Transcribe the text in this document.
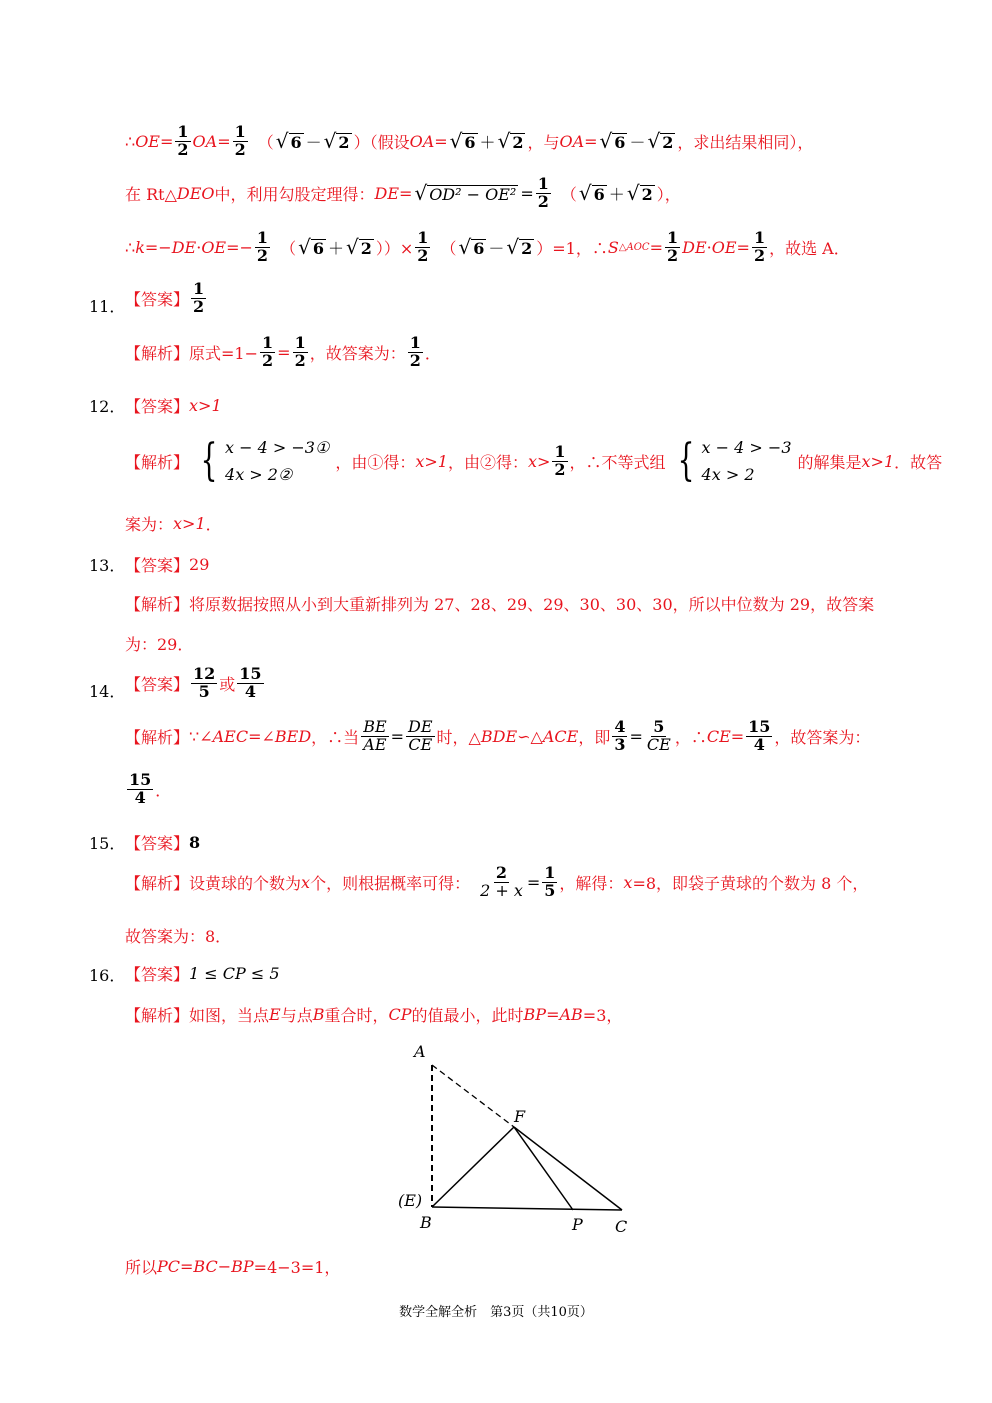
∴ OE = $\frac{1}{2}$ OA = $\frac{1}{2}$ （ √ 6 － √ 2 ）（假设 OA = √ 6 ＋ √ 2 ，与 OA = √ 6 － √ 2 ，求出结果相同），
在 Rt△ DEO 中，利用勾股定理得： DE = √ $OD^2 - OE^2 = \frac{1}{2}$ （ √ 6 ＋ √ 2 ），
∴ k =− DE · OE =− $\frac{1}{2}$ （ √ 6 ＋ √ 2 ））× $\frac{1}{2}$ （ √ 6 － √ 2 ）=1，∴ S △AOC = $\frac{1}{2}$ DE · OE = $\frac{1}{2}$ ，故选 A．
11． 【答案】 $\frac{1}{2}$
【解析】 原式$=1- \frac{1}{2} = \frac{1}{2}$ ，故答案为： $\frac{1}{2}$ ．
12． 【答案】 x>1
【解析】 { x − 4 > −3①
4x > 2②
，由①得： x>1 ，由②得： $x> \frac{1}{2}$ ，∴不等式组 { x − 4 > −3
4x > 2
的解集是 x>1 ．故答
案为： x>1 ．
13． 【答案】 29
【解析】 将原数据按照从小到大重新排列为 27、28、29、29、30、30、30，所以中位数为 29，故答案
为：29．
14． 【答案】 $\frac{12}{5}$ 或 $\frac{15}{4}$
【解析】 ∵∠ AEC =∠ BED ，∴当 $\frac{BE}{AE} = \frac{DE}{CE}$ 时，△ BDE ∽△ ACE ，即 $\frac{4}{3} = \frac{5}{CE}$ ，∴ CE = $\frac{15}{4}$ ，故答案为：
$\frac{15}{4}$ ．
15． 【答案】 8
【解析】 设黄球的个数为 x 个，则根据概率可得： $\frac{2}{2 + x} = \frac{1}{5}$ ，解得： x =8，即袋子黄球的个数为 8 个，
故答案为：8．
16． 【答案】 1 ≤ CP ≤ 5
【解析】 如图，当点 E 与点 B 重合时， CP 的值最小，此时 BP=AB =3，
A
F
(E)
B	P C
所以 PC=BC−BP =4−3=1，
数学全解全析　第3页（共10页）
